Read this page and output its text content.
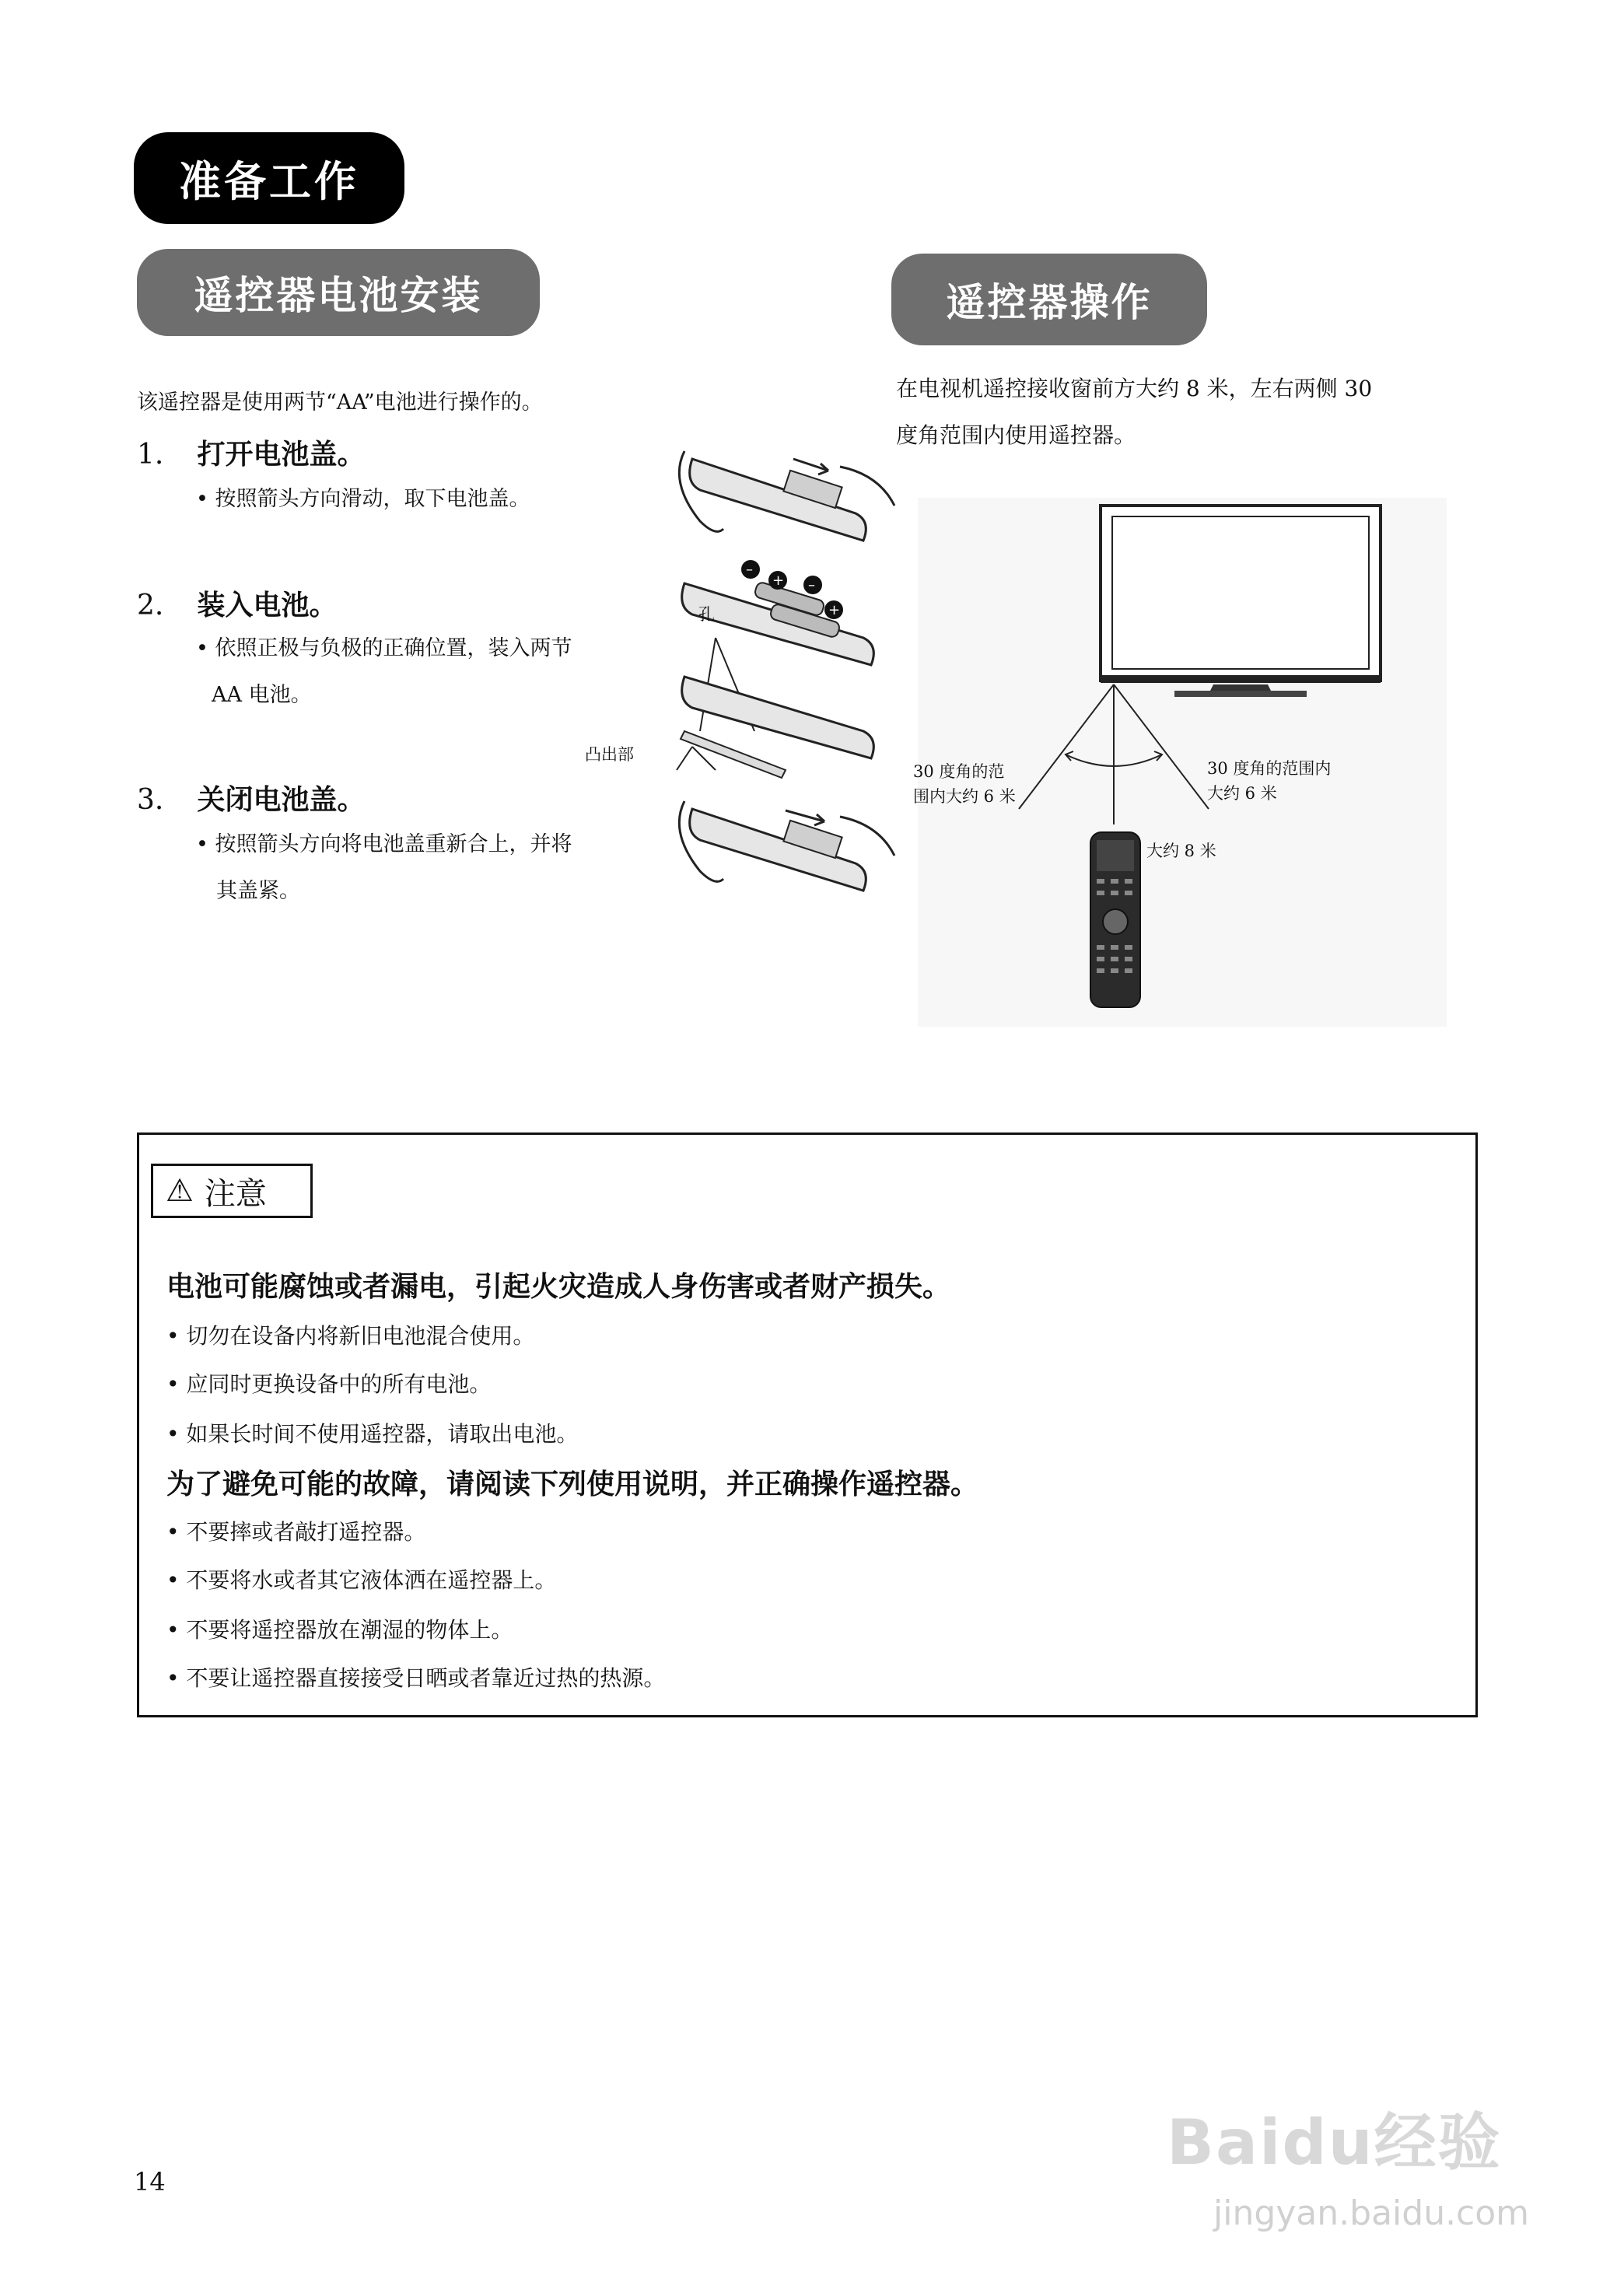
准备工作
遥控器电池安装
该遥控器是使用两节“AA”电池进行操作的。
1. 打开电池盖。
• 按照箭头方向滑动，取下电池盖。
2. 装入电池。
• 依照正极与负极的正确位置，装入两节
AA 电池。
3. 关闭电池盖。
• 按照箭头方向将电池盖重新合上，并将
其盖紧。
–
+ –
+
孔
凸出部
遥控器操作
在电视机遥控接收窗前方大约 8 米，左右两侧 30
度角范围内使用遥控器。
30 度角的范
围内大约 6 米
30 度角的范围内
大约 6 米
大约 8 米
⚠ 注意
电池可能腐蚀或者漏电，引起火灾造成人身伤害或者财产损失。
• 切勿在设备内将新旧电池混合使用。
• 应同时更换设备中的所有电池。
• 如果长时间不使用遥控器，请取出电池。
为了避免可能的故障，请阅读下列使用说明，并正确操作遥控器。
• 不要摔或者敲打遥控器。
• 不要将水或者其它液体洒在遥控器上。
• 不要将遥控器放在潮湿的物体上。
• 不要让遥控器直接接受日晒或者靠近过热的热源。
14
Baidu经验
jingyan.baidu.com
